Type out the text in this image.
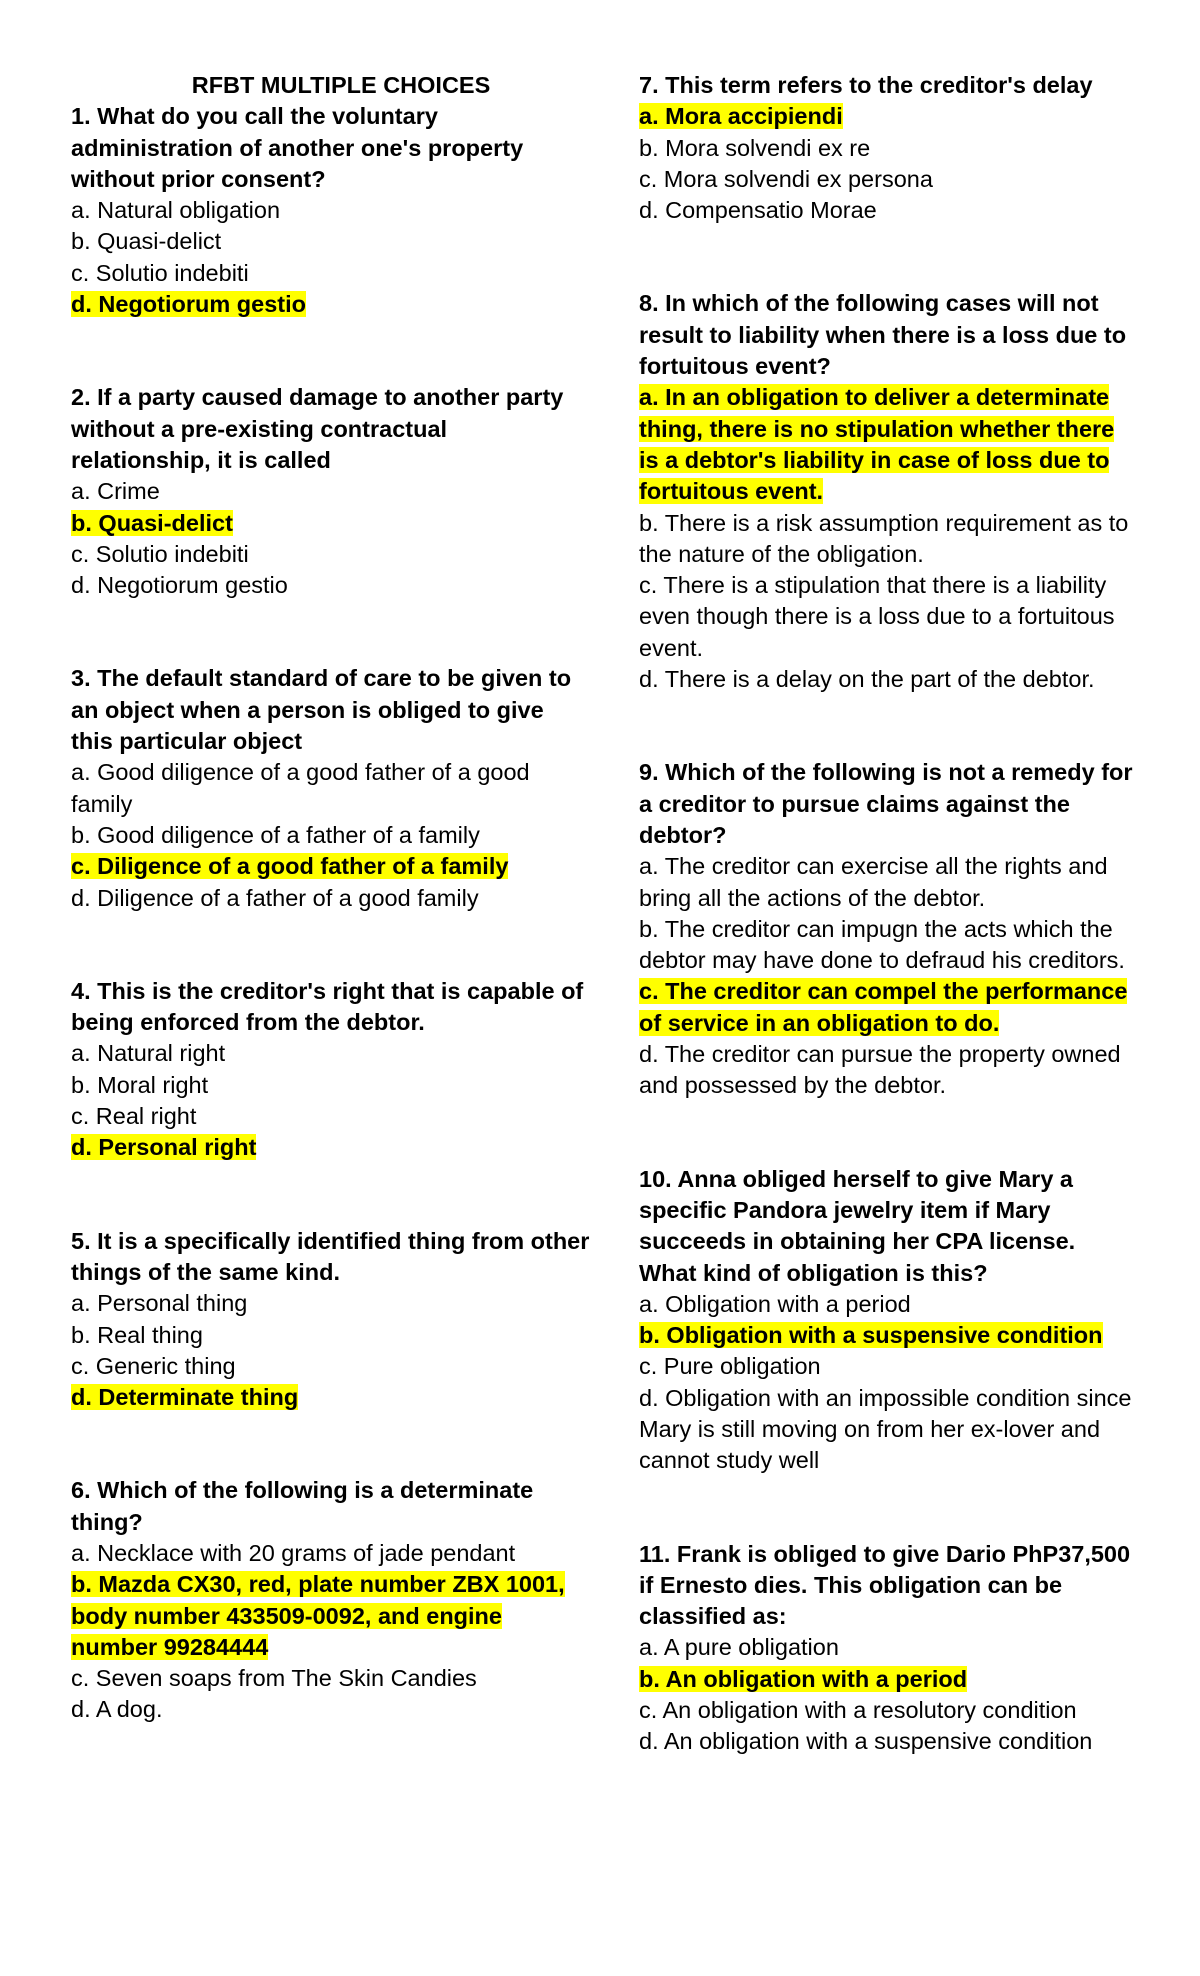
RFBT MULTIPLE CHOICES

1. What do you call the voluntary administration of another one's property without prior consent?
a. Natural obligation
b. Quasi-delict
c. Solutio indebiti
d. Negotiorum gestio
2. If a party caused damage to another party without a pre-existing contractual relationship, it is called
a. Crime
b. Quasi-delict
c. Solutio indebiti
d. Negotiorum gestio
3. The default standard of care to be given to an object when a person is obliged to give this particular object
a. Good diligence of a good father of a good family
b. Good diligence of a father of a family
c. Diligence of a good father of a family
d. Diligence of a father of a good family
4. This is the creditor's right that is capable of being enforced from the debtor.
a. Natural right
b. Moral right
c. Real right
d. Personal right
5. It is a specifically identified thing from other things of the same kind.
a. Personal thing
b. Real thing
c. Generic thing
d. Determinate thing
6. Which of the following is a determinate thing?
a. Necklace with 20 grams of jade pendant
b. Mazda CX30, red, plate number ZBX 1001, body number 433509-0092, and engine number 99284444
c. Seven soaps from The Skin Candies
d. A dog.
7. This term refers to the creditor's delay
a. Mora accipiendi
b. Mora solvendi ex re
c. Mora solvendi ex persona
d. Compensatio Morae
8. In which of the following cases will not result to liability when there is a loss due to fortuitous event?
a. In an obligation to deliver a determinate thing, there is no stipulation whether there is a debtor's liability in case of loss due to fortuitous event.
b. There is a risk assumption requirement as to the nature of the obligation.
c. There is a stipulation that there is a liability even though there is a loss due to a fortuitous event.
d. There is a delay on the part of the debtor.
9. Which of the following is not a remedy for a creditor to pursue claims against the debtor?
a. The creditor can exercise all the rights and bring all the actions of the debtor.
b. The creditor can impugn the acts which the debtor may have done to defraud his creditors.
c. The creditor can compel the performance of service in an obligation to do.
d. The creditor can pursue the property owned and possessed by the debtor.
10. Anna obliged herself to give Mary a specific Pandora jewelry item if Mary succeeds in obtaining her CPA license. What kind of obligation is this?
a. Obligation with a period
b. Obligation with a suspensive condition
c. Pure obligation
d. Obligation with an impossible condition since Mary is still moving on from her ex-lover and cannot study well
11. Frank is obliged to give Dario PhP37,500 if Ernesto dies. This obligation can be classified as:
a. A pure obligation
b. An obligation with a period
c. An obligation with a resolutory condition
d. An obligation with a suspensive condition
